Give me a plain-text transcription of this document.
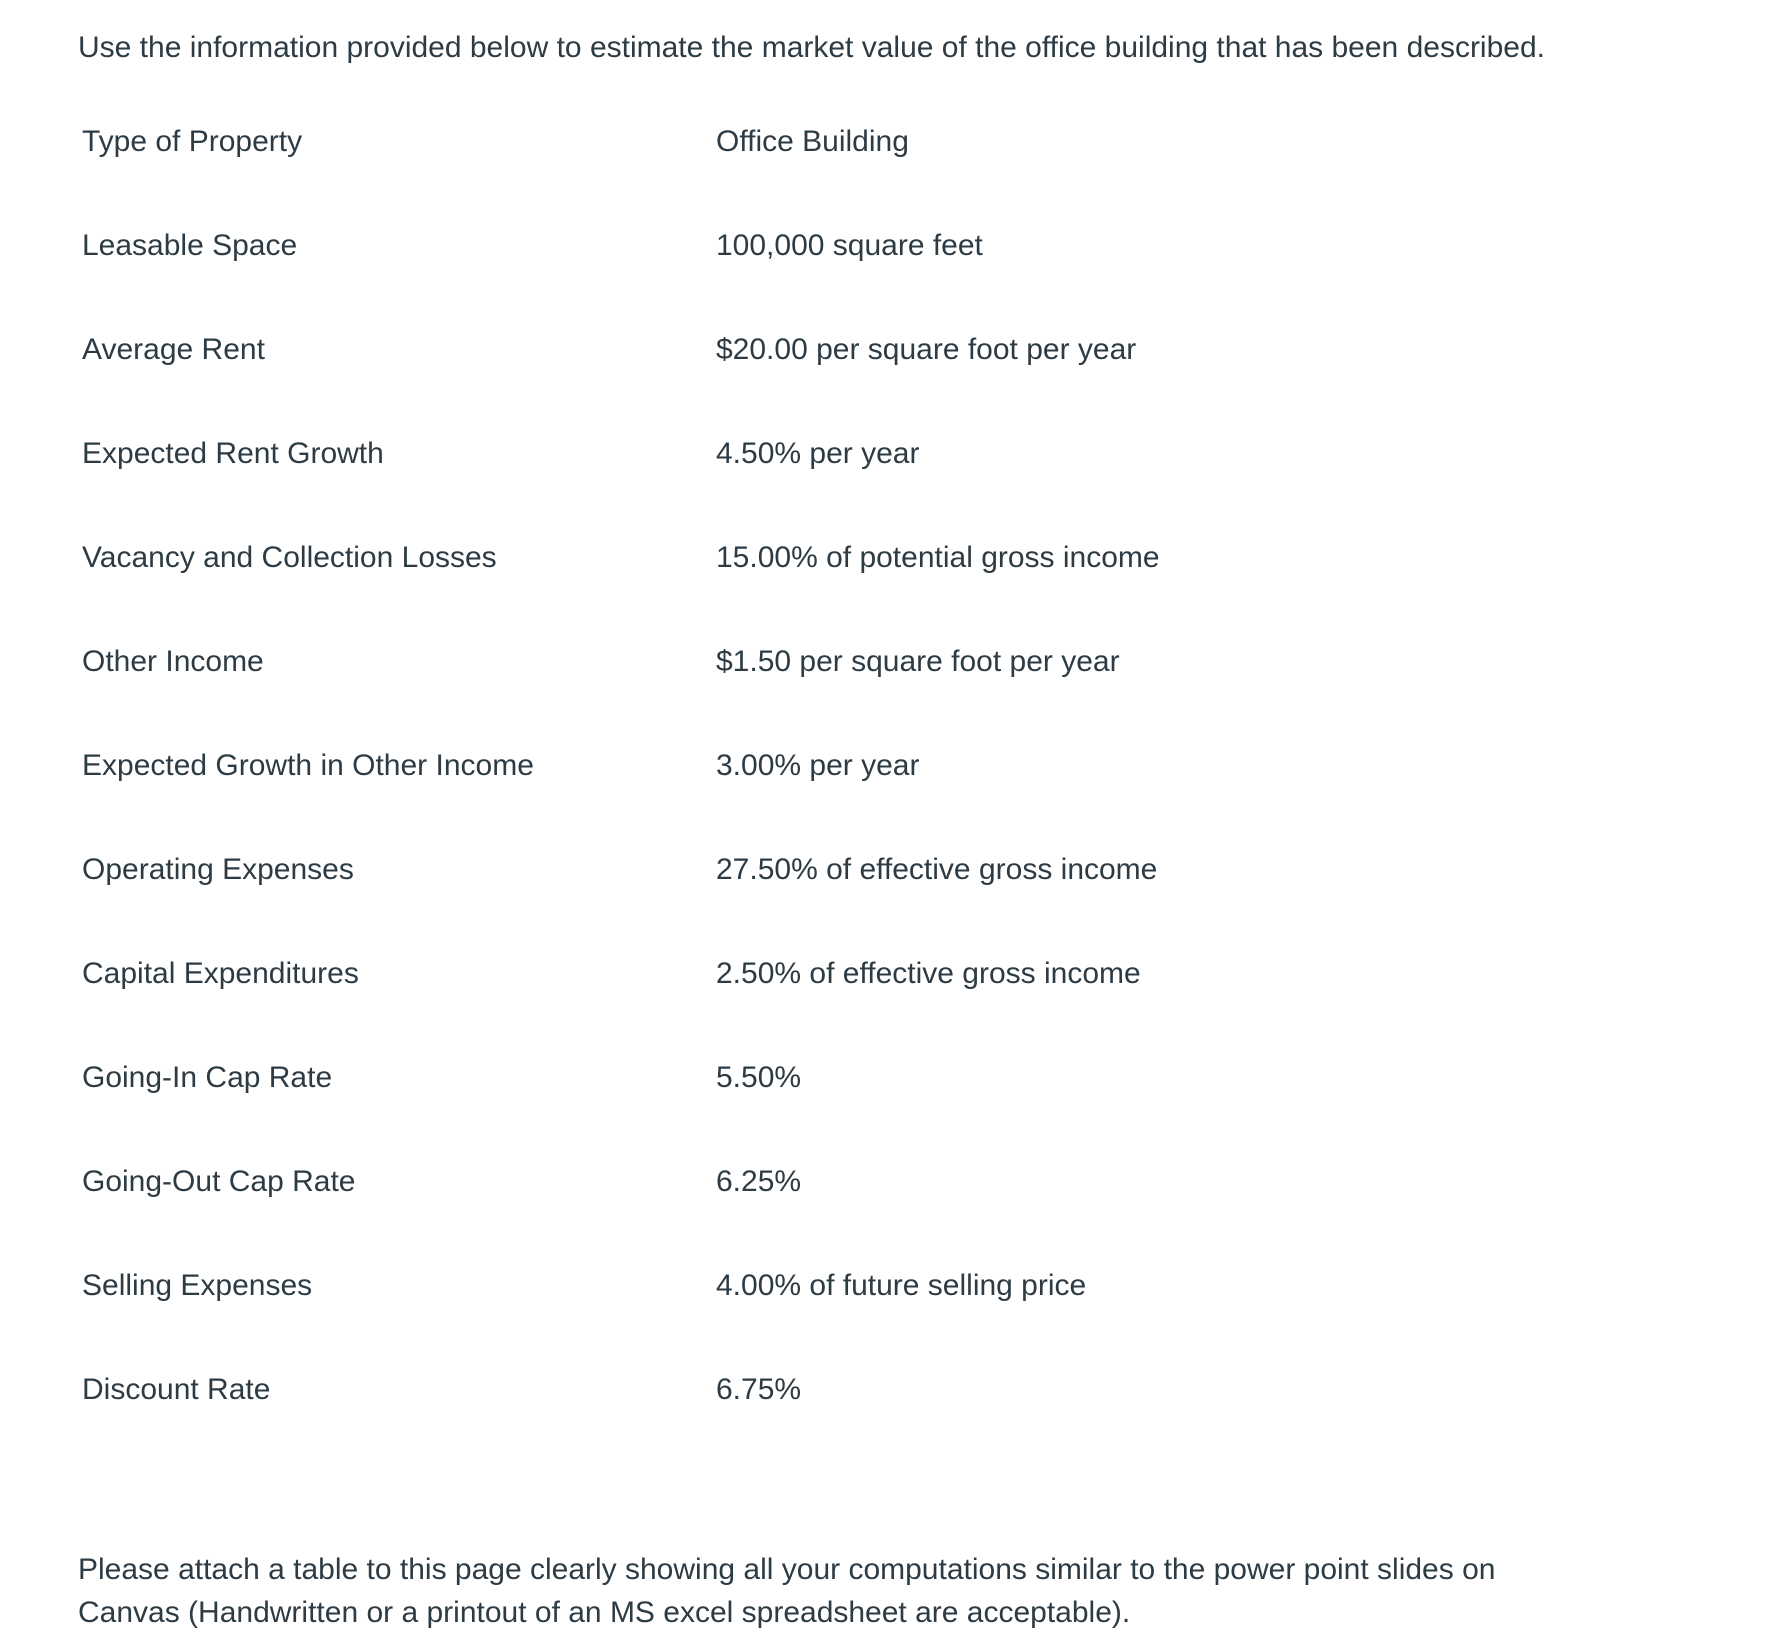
Use the information provided below to estimate the market value of the office building that has been described.
Type of Property	Office Building
Leasable Space	100,000 square feet
Average Rent	$20.00 per square foot per year
Expected Rent Growth	4.50% per year
Vacancy and Collection Losses	15.00% of potential gross income
Other Income	$1.50 per square foot per year
Expected Growth in Other Income	3.00% per year
Operating Expenses	27.50% of effective gross income
Capital Expenditures	2.50% of effective gross income
Going-In Cap Rate	5.50%
Going-Out Cap Rate	6.25%
Selling Expenses	4.00% of future selling price
Discount Rate	6.75%
Please attach a table to this page clearly showing all your computations similar to the power point slides on
Canvas (Handwritten or a printout of an MS excel spreadsheet are acceptable).
